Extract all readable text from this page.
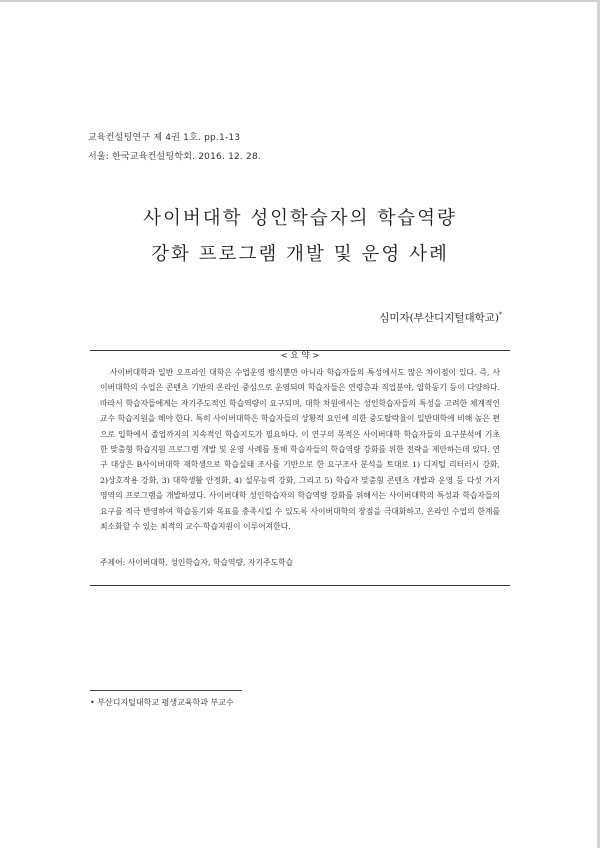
교육컨설팅연구 제 4권 1호. pp.1-13
서울: 한국교육컨설팅학회. 2016. 12. 28.
사이버대학 성인학습자의 학습역량
강화 프로그램 개발 및 운영 사례
심미자(부산디지털대학교)*
< 요 약 >

사이버대학과 일반 오프라인 대학은 수업운영 방식뿐만 아니라 학습자들의 특성에서도 많은 차이점이 있다. 즉, 사이버대학의 수업은 콘텐츠 기반의 온라인 중심으로 운영되며 학습자들은 연령층과 직업분야, 입학동기 등이 다양하다. 따라서 학습자들에게는 자기주도적인 학습역량이 요구되며, 대학 차원에서는 성인학습자들의 특성을 고려한 체계적인 교수 학습지원을 해야 한다. 특히 사이버대학은 학습자들의 상황적 요인에 의한 중도탈락율이 일반대학에 비해 높은 편으로 입학에서 졸업까지의 지속적인 학습지도가 필요하다. 이 연구의 목적은 사이버대학 학습자들의 요구분석에 기초한 맞춤형 학습지원 프로그램 개발 및 운영 사례를 통해 학습자들의 학습역량 강화를 위한 전략을 제안하는데 있다. 연구 대상은 B사이버대학 재학생으로 학습실태 조사를 기반으로 한 요구조사 분석을 토대로 1) 디지털 리터러시 강화, 2)상호작용 강화, 3) 대학생활 안정화, 4) 설무능력 강화, 그리고 5) 학습자 맞춤형 콘텐츠 개발과 운영 등 다섯 가지 영역의 프로그램을 개발하였다. 사이버대학 성인학습자의 학습역량 강화를 위해서는 사이버대학의 특성과 학습자들의 요구를 적극 반영하여 학습동기와 목표를 충족시킬 수 있도록 사이버대학의 장점을 극대화하고, 온라인 수업의 한계를 최소화할 수 있는 최적의 교수-학습지원이 이루어져한다.

주제어: 사이버대학, 성인학습자, 학습역량, 자기주도학습
• 부산디지털대학교 평생교육학과 부교수
